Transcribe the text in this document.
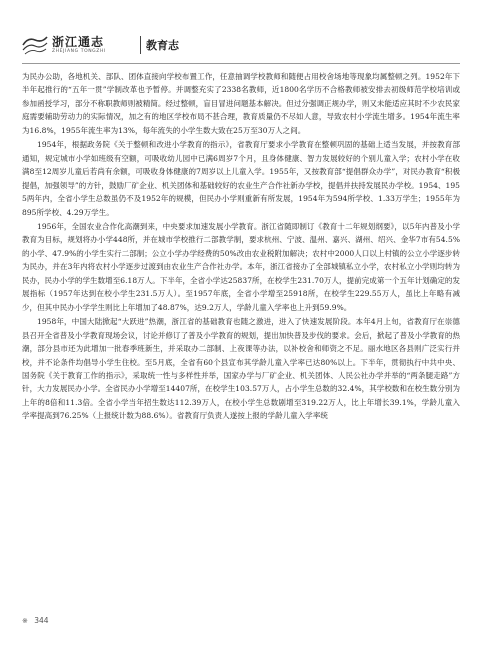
浙江通志
ZHEJIANG TONGZHI	教育志

为民办公助，各地机关、部队、团体直接向学校布置工作，任意抽调学校教师和随便占用校舍场地等现象均属整顿之列。1952年下半年起推行的“五年一贯”学制改革也予暂停。并调整充实了2338名教师，近1800名学历不合格教师被安排去初级师范学校培训或参加函授学习，部分不称职教师则被精简。经过整顿，盲目冒进问题基本解决。但过分强调正规办学，则又未能适应其时不少农民家庭需要辅助劳动力的实际情况，加之有的地区学校布局不甚合理，教育质量仍不尽如人意，导致农村小学流生增多。1954年流生率为16.8%，1955年流生率为13%，每年流失的小学生数大致在25万至30万人之间。

1954年，根据政务院《关于整顿和改进小学教育的指示》，省教育厅要求小学教育在整顿巩固的基础上适当发展，并按教育部通知，规定城市小学如班级有空额，可吸收幼儿园中已满6周岁7个月，且身体健康、智力发展较好的个别儿童入学；农村小学在收满8至12周岁儿童后若尚有余额，可吸收身体健康的7周岁以上儿童入学。1955年，又按教育部“提倡群众办学”，对民办教育“积极提倡，加强领导”的方针，鼓励厂矿企业、机关团体和基础较好的农业生产合作社新办学校，提倡并扶持发展民办学校。1954、1955两年内，全省小学生总数虽仍不及1952年的规模，但民办小学则重新有所发展，1954年为594所学校、1.33万学生；1955年为895所学校、4.29万学生。

1956年，全国农业合作化高潮到来，中央要求加速发展小学教育。浙江省随即制订《教育十二年规划纲要》，以5年内普及小学教育为目标，规划将办小学448所，并在城市学校推行二部教学制，要求杭州、宁波、温州、嘉兴、湖州、绍兴、金华7市有54.5%的小学、47.9%的小学生实行二部制；公立小学办学经费的50%改由农业税附加解决；农村中2000人口以上村镇的公立小学逐步转为民办，并在3年内将农村小学逐步过渡到由农业生产合作社办学。本年，浙江省接办了全部城镇私立小学，农村私立小学则均转为民办，民办小学的学生数增至6.18万人。下半年，全省小学达25837所，在校学生231.70万人，提前完成第一个五年计划确定的发展指标（1957年达到在校小学生231.5万人）。至1957年底，全省小学增至25918所，在校学生229.55万人，虽比上年略有减少，但其中民办小学学生则比上年增加了48.87%，达9.2万人，学龄儿童入学率也上升到59.9%。

1958年，中国大陆掀起“大跃进”热潮，浙江省的基础教育也随之激进，进入了快速发展阶段。本年4月上旬，省教育厅在崇德县召开全省普及小学教育现场会议，讨论并修订了普及小学教育的规划，提出加快普及步伐的要求。会后，掀起了普及小学教育的热潮，部分县市还为此增加一批春季班新生，并采取办二部制、上夜课等办法，以补校舍和师资之不足。丽水地区各县则广泛实行并校，并不论条件均倡导小学生住校。至5月底，全省有60个县宣布其学龄儿童入学率已达80%以上。下半年，贯彻执行中共中央、国务院《关于教育工作的指示》，采取统一性与多样性并举，国家办学与厂矿企业、机关团体、人民公社办学并举的“两条腿走路”方针，大力发展民办小学。全省民办小学增至14407所，在校学生103.57万人，占小学生总数的32.4%，其学校数和在校生数分别为上年的8倍和11.3倍。全省小学当年招生数达112.39万人，在校小学生总数剧增至319.22万人，比上年增长39.1%，学龄儿童入学率提高到76.25%（上报统计数为88.6%）。省教育厅负责人遂按上报的学龄儿童入学率统

※ 344
